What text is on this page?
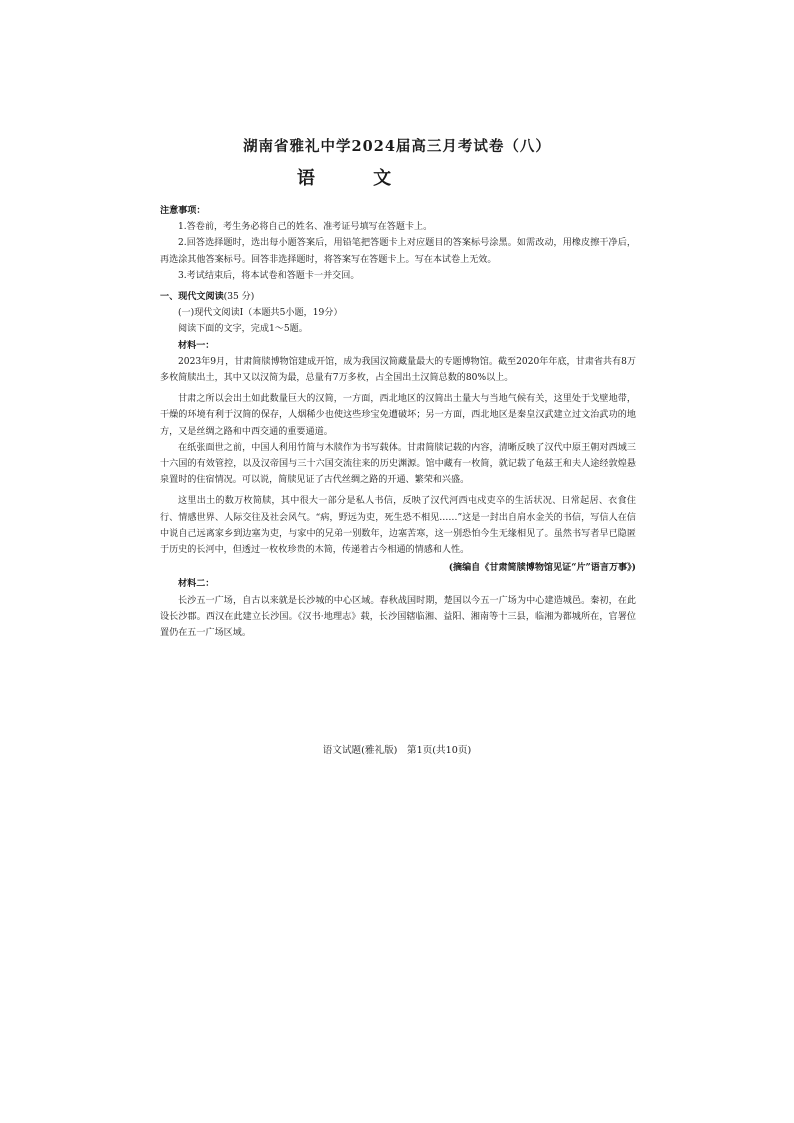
湖南省雅礼中学2024届高三月考试卷（八）
语 文

注意事项：

1.答卷前，考生务必将自己的姓名、准考证号填写在答题卡上。

2.回答选择题时，选出每小题答案后，用铅笔把答题卡上对应题目的答案标号涂黑。如需改动，用橡皮擦干净后，再选涂其他答案标号。回答非选择题时，将答案写在答题卡上。写在本试卷上无效。

3.考试结束后，将本试卷和答题卡一并交回。

一、现代文阅读(35 分)

(一)现代文阅读Ⅰ（本题共5小题，19分）

阅读下面的文字，完成1～5题。

材料一：

2023年9月，甘肃简牍博物馆建成开馆，成为我国汉简藏量最大的专题博物馆。截至2020年年底，甘肃省共有8万多枚简牍出土，其中又以汉简为最，总量有7万多枚，占全国出土汉简总数的80%以上。

甘肃之所以会出土如此数量巨大的汉简，一方面，西北地区的汉简出土量大与当地气候有关，这里处于戈壁地带，干燥的环境有利于汉简的保存，人烟稀少也使这些珍宝免遭破坏；另一方面，西北地区是秦皇汉武建立过文治武功的地方，又是丝绸之路和中西交通的重要通道。

在纸张面世之前，中国人利用竹简与木牍作为书写载体。甘肃简牍记载的内容，清晰反映了汉代中原王朝对西域三十六国的有效管控，以及汉帝国与三十六国交流往来的历史渊源。馆中藏有一枚简，就记载了龟兹王和夫人途经敦煌悬泉置时的住宿情况。可以说，简牍见证了古代丝绸之路的开通、繁荣和兴盛。

这里出土的数万枚简牍，其中很大一部分是私人书信，反映了汉代河西屯戍吏卒的生活状况、日常起居、衣食住行、情感世界、人际交往及社会风气。“病，野远为吏，死生恐不相见……”这是一封出自肩水金关的书信，写信人在信中说自己远离家乡到边塞为吏，与家中的兄弟一别数年，边塞苦寒，这一别恐怕今生无缘相见了。虽然书写者早已隐匿于历史的长河中，但透过一枚枚珍贵的木简，传递着古今相通的情感和人性。

(摘编自《甘肃简牍博物馆见证“片”语言万事》)

材料二：

长沙五一广场，自古以来就是长沙城的中心区域。春秋战国时期，楚国以今五一广场为中心建造城邑。秦初，在此设长沙郡。西汉在此建立长沙国。《汉书·地理志》载，长沙国辖临湘、益阳、湘南等十三县，临湘为都城所在，官署位置仍在五一广场区域。

语文试题(雅礼版)　第1页(共10页)
